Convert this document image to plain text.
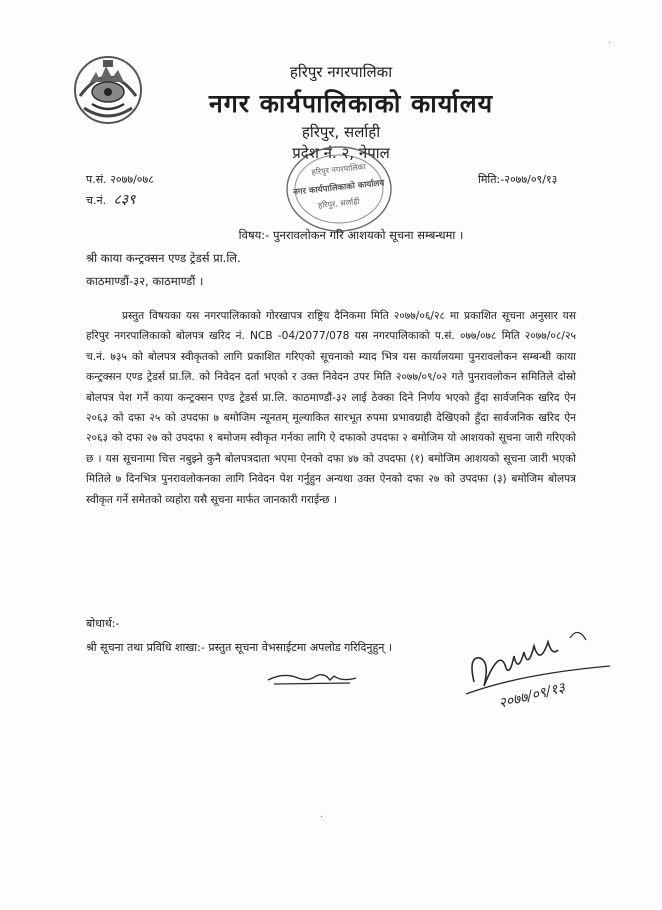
हरिपुर नगरपालिका
नगर कार्यपालिकाको कार्यालय
हरिपुर, सर्लाही
प्रदेश नं. २, नेपाल
हरिपुर नगरपालिका
नगर कार्यपालिकाको कार्यालय
हरिपुर, सर्लाही
प.सं. २०७७/०७८
च.नं. ८३९
मिति:-२०७७/०९/१३
विषय:- पुनरावलोकन गरि आशयको सूचना सम्बन्धमा ।
श्री काया कन्ट्रक्सन एण्ड ट्रेडर्स प्रा.लि.
काठमाण्डौं-३२, काठमाण्डौं ।
प्रस्तुत विषयका यस नगरपालिकाको गोरखापत्र राष्ट्रिय दैनिकमा मिति २०७७/०६/२८ मा प्रकाशित सूचना अनुसार यस हरिपुर नगरपालिकाको बोलपत्र खरिद नं. NCB -04/2077/078 यस नगरपालिकाको प.सं. ०७७/०७८ मिति २०७७/०८/२५ च.नं. ७३५ को बोलपत्र स्वीकृतको लागि प्रकाशित गरिएको सूचनाको म्याद भित्र यस कार्यालयमा पुनरावलोकन सम्बन्धी काया कन्ट्रक्सन एण्ड ट्रेडर्स प्रा.लि. को निवेदन दर्ता भएको र उक्त निवेदन उपर मिति २०७७/०९/०२ गते पुनरावलोकन समितिले दोस्रो बोलपत्र पेश गर्ने काया कन्ट्रक्सन एण्ड ट्रेडर्स प्रा.लि. काठमाण्डौं-३२ लाई ठेक्का दिने निर्णय भएको हुँदा सार्वजनिक खरिद ऐन २०६३ को दफा २५ को उपदफा ७ बमोजिम न्यूनतम् मूल्याकित सारभूत रुपमा प्रभावग्राही देखिएको हुँदा सार्वजनिक खरिद ऐन २०६३ को दफा २७ को उपदफा १ बमोजम स्वीकृत गर्नका लागि ऐ दफाको उपदफा २ बमोजिम यो आशयको सूचना जारी गरिएको छ । यस सूचनामा चित्त नबुझ्ने कुनै बोलपत्रदाता भएमा ऐनको दफा ४७ को उपदफा (१) बमोजिम आशयको सूचना जारी भएको मितिले ७ दिनभित्र पुनरावलोकनका लागि निवेदन पेश गर्नुहुन अन्यथा उक्त ऐनको दफा २७ को उपदफा (३) बमोजिम बोलपत्र स्वीकृत गर्ने समेतको व्यहोरा यसै सूचना मार्फत जानकारी गराईन्छ ।
बोधार्थ:-
श्री सूचना तथा प्रविधि शाखा:- प्रस्तुत सूचना वेभसाईटमा अपलोड गरिदिनुहुन् ।
२०७७/०९/१३
·
·
